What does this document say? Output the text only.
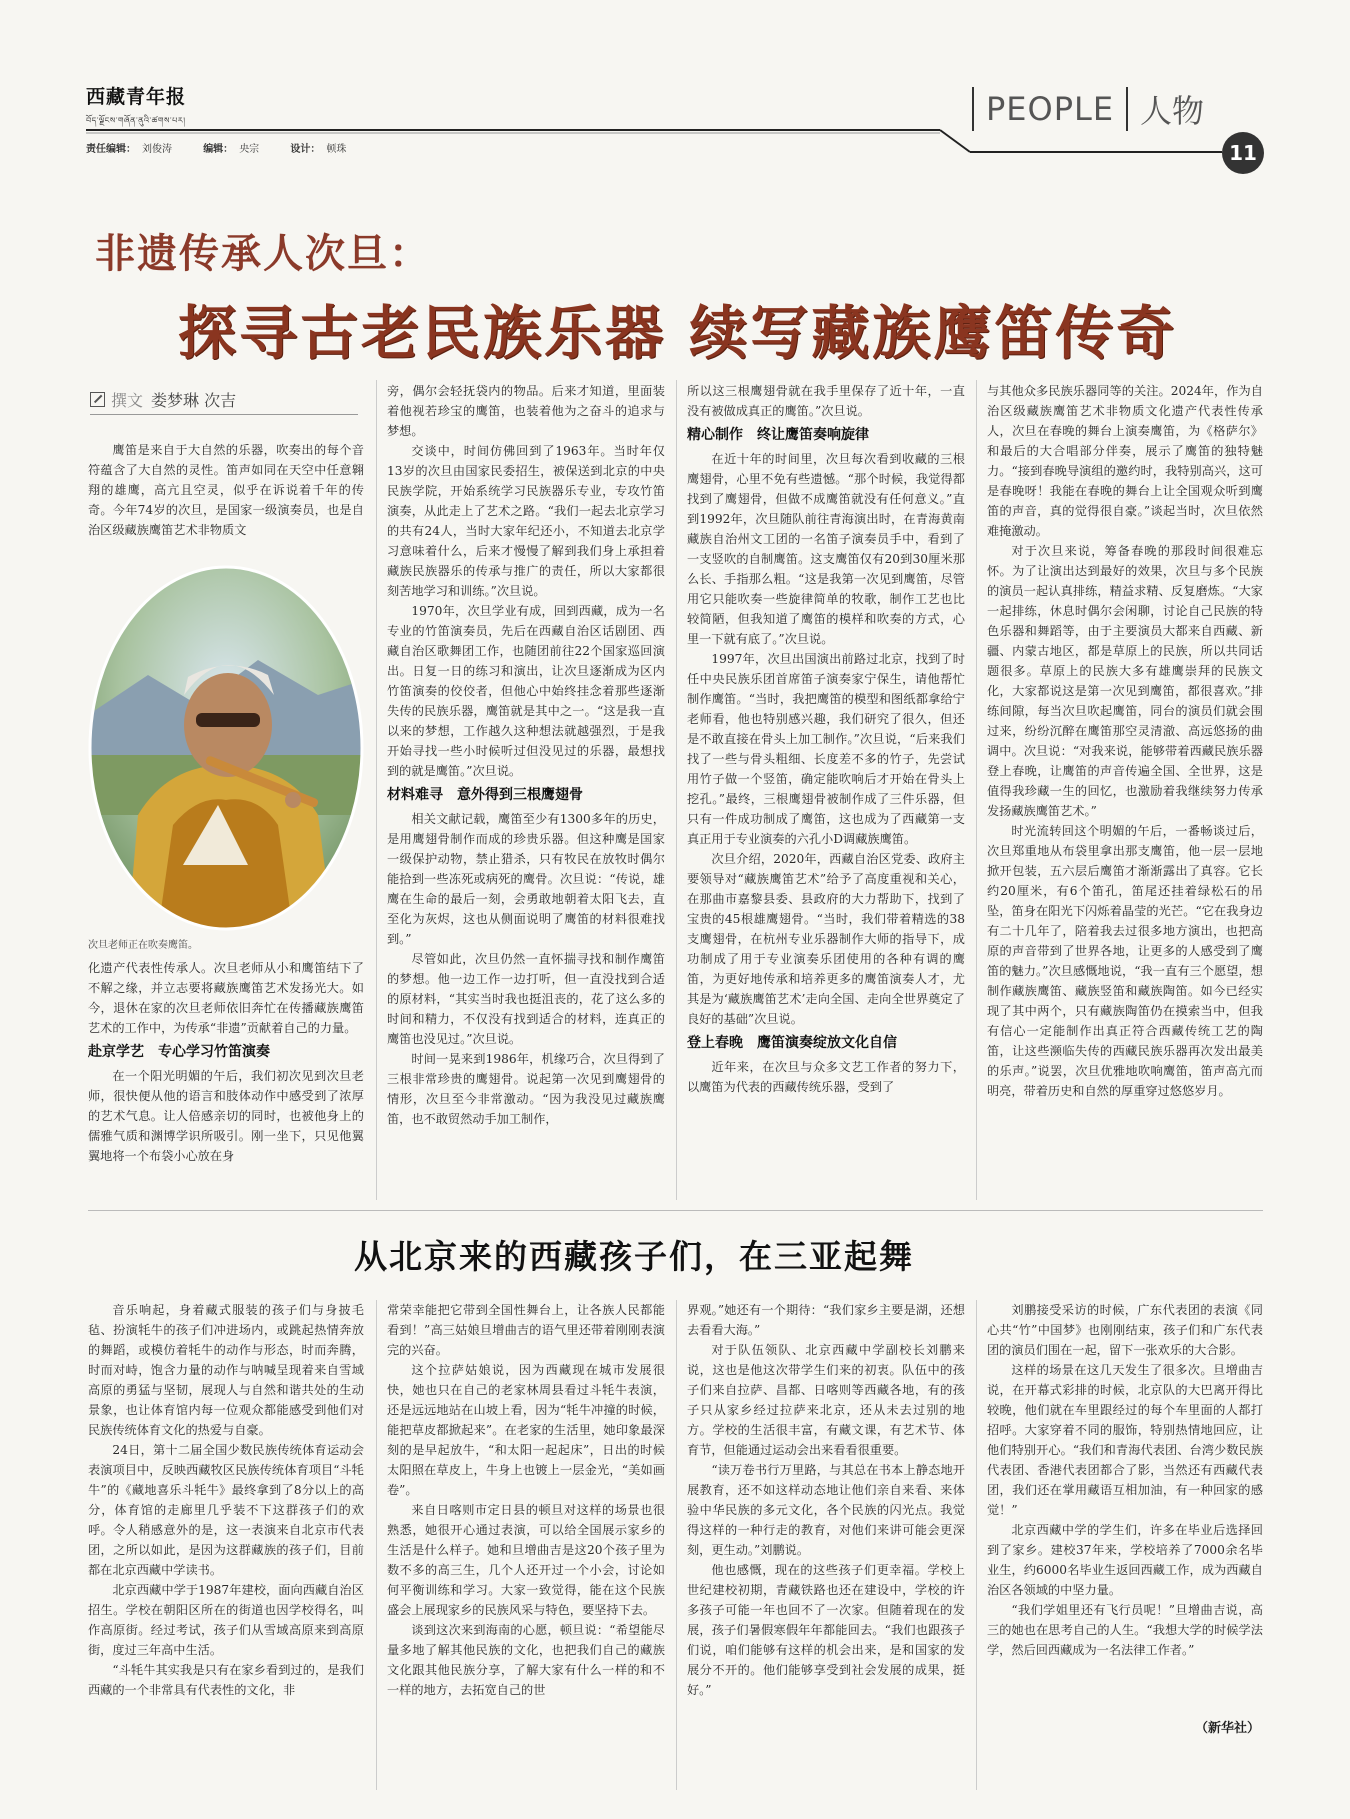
西藏青年报
བོད་ལྗོངས་གཞོན་ནུའི་ཚགས་པར།	PEOPLE 人物
责任编辑： 刘俊涛	编辑： 央宗	设计： 顿珠	11
非遗传承人次旦：
探寻古老民族乐器 续写藏族鹰笛传奇
撰文 娄梦琳 次吉

鹰笛是来自于大自然的乐器，吹奏出的每个音符蕴含了大自然的灵性。笛声如同在天空中任意翱翔的雄鹰，高亢且空灵，似乎在诉说着千年的传奇。今年74岁的次旦，是国家一级演奏员，也是自治区级藏族鹰笛艺术非物质文

次旦老师正在吹奏鹰笛。

化遗产代表性传承人。次旦老师从小和鹰笛结下了不解之缘，并立志要将藏族鹰笛艺术发扬光大。如今，退休在家的次旦老师依旧奔忙在传播藏族鹰笛艺术的工作中，为传承“非遗”贡献着自己的力量。

赴京学艺　专心学习竹笛演奏

在一个阳光明媚的午后，我们初次见到次旦老师，很快便从他的语言和肢体动作中感受到了浓厚的艺术气息。让人倍感亲切的同时，也被他身上的儒雅气质和渊博学识所吸引。刚一坐下，只见他翼翼地将一个布袋小心放在身

旁，偶尔会轻抚袋内的物品。后来才知道，里面装着他视若珍宝的鹰笛，也装着他为之奋斗的追求与梦想。

交谈中，时间仿佛回到了1963年。当时年仅13岁的次旦由国家民委招生，被保送到北京的中央民族学院，开始系统学习民族器乐专业，专攻竹笛演奏，从此走上了艺术之路。“我们一起去北京学习的共有24人，当时大家年纪还小，不知道去北京学习意味着什么，后来才慢慢了解到我们身上承担着藏族民族器乐的传承与推广的责任，所以大家都很刻苦地学习和训练。”次旦说。

1970年，次旦学业有成，回到西藏，成为一名专业的竹笛演奏员，先后在西藏自治区话剧团、西藏自治区歌舞团工作，也随团前往22个国家巡回演出。日复一日的练习和演出，让次旦逐渐成为区内竹笛演奏的佼佼者，但他心中始终挂念着那些逐渐失传的民族乐器，鹰笛就是其中之一。“这是我一直以来的梦想，工作越久这种想法就越强烈，于是我开始寻找一些小时候听过但没见过的乐器，最想找到的就是鹰笛。”次旦说。

材料难寻　意外得到三根鹰翅骨

相关文献记载，鹰笛至少有1300多年的历史，是用鹰翅骨制作而成的珍贵乐器。但这种鹰是国家一级保护动物，禁止猎杀，只有牧民在放牧时偶尔能拾到一些冻死或病死的鹰骨。次旦说：“传说，雄鹰在生命的最后一刻，会勇敢地朝着太阳飞去，直至化为灰烬，这也从侧面说明了鹰笛的材料很难找到。”

尽管如此，次旦仍然一直怀揣寻找和制作鹰笛的梦想。他一边工作一边打听，但一直没找到合适的原材料，“其实当时我也挺沮丧的，花了这么多的时间和精力，不仅没有找到适合的材料，连真正的鹰笛也没见过。”次旦说。

时间一晃来到1986年，机缘巧合，次旦得到了三根非常珍贵的鹰翅骨。说起第一次见到鹰翅骨的情形，次旦至今非常激动。“因为我没见过藏族鹰笛，也不敢贸然动手加工制作，

所以这三根鹰翅骨就在我手里保存了近十年，一直没有被做成真正的鹰笛。”次旦说。

精心制作　终让鹰笛奏响旋律

在近十年的时间里，次旦每次看到收藏的三根鹰翅骨，心里不免有些遗憾。“那个时候，我觉得都找到了鹰翅骨，但做不成鹰笛就没有任何意义。”直到1992年，次旦随队前往青海演出时，在青海黄南藏族自治州文工团的一名笛子演奏员手中，看到了一支竖吹的自制鹰笛。这支鹰笛仅有20到30厘米那么长、手指那么粗。“这是我第一次见到鹰笛，尽管用它只能吹奏一些旋律简单的牧歌，制作工艺也比较简陋，但我知道了鹰笛的模样和吹奏的方式，心里一下就有底了。”次旦说。

1997年，次旦出国演出前路过北京，找到了时任中央民族乐团首席笛子演奏家宁保生，请他帮忙制作鹰笛。“当时，我把鹰笛的模型和图纸都拿给宁老师看，他也特别感兴趣，我们研究了很久，但还是不敢直接在骨头上加工制作。”次旦说，“后来我们找了一些与骨头粗细、长度差不多的竹子，先尝试用竹子做一个竖笛，确定能吹响后才开始在骨头上挖孔。”最终，三根鹰翅骨被制作成了三件乐器，但只有一件成功制成了鹰笛，这也成为了西藏第一支真正用于专业演奏的六孔小D调藏族鹰笛。

次旦介绍，2020年，西藏自治区党委、政府主要领导对“藏族鹰笛艺术”给予了高度重视和关心，在那曲市嘉黎县委、县政府的大力帮助下，找到了宝贵的45根雄鹰翅骨。“当时，我们带着精选的38支鹰翅骨，在杭州专业乐器制作大师的指导下，成功制成了用于专业演奏乐团使用的各种有调的鹰笛，为更好地传承和培养更多的鹰笛演奏人才，尤其是为‘藏族鹰笛艺术’走向全国、走向全世界奠定了良好的基础”次旦说。

登上春晚　鹰笛演奏绽放文化自信

近年来，在次旦与众多文艺工作者的努力下，以鹰笛为代表的西藏传统乐器，受到了

与其他众多民族乐器同等的关注。2024年，作为自治区级藏族鹰笛艺术非物质文化遗产代表性传承人，次旦在春晚的舞台上演奏鹰笛，为《格萨尔》和最后的大合唱部分伴奏，展示了鹰笛的独特魅力。“接到春晚导演组的邀约时，我特别高兴，这可是春晚呀！我能在春晚的舞台上让全国观众听到鹰笛的声音，真的觉得很自豪。”谈起当时，次旦依然难掩激动。

对于次旦来说，筹备春晚的那段时间很难忘怀。为了让演出达到最好的效果，次旦与多个民族的演员一起认真排练，精益求精、反复磨炼。“大家一起排练，休息时偶尔会闲聊，讨论自己民族的特色乐器和舞蹈等，由于主要演员大都来自西藏、新疆、内蒙古地区，都是草原上的民族，所以共同话题很多。草原上的民族大多有雄鹰崇拜的民族文化，大家都说这是第一次见到鹰笛，都很喜欢。”排练间隙，每当次旦吹起鹰笛，同台的演员们就会围过来，纷纷沉醉在鹰笛那空灵清澈、高远悠扬的曲调中。次旦说：“对我来说，能够带着西藏民族乐器登上春晚，让鹰笛的声音传遍全国、全世界，这是值得我珍藏一生的回忆，也激励着我继续努力传承发扬藏族鹰笛艺术。”

时光流转回这个明媚的午后，一番畅谈过后，次旦郑重地从布袋里拿出那支鹰笛，他一层一层地掀开包装，五六层后鹰笛才渐渐露出了真容。它长约20厘米，有6个笛孔，笛尾还挂着绿松石的吊坠，笛身在阳光下闪烁着晶莹的光芒。“它在我身边有二十几年了，陪着我去过很多地方演出，也把高原的声音带到了世界各地，让更多的人感受到了鹰笛的魅力。”次旦感慨地说，“我一直有三个愿望，想制作藏族鹰笛、藏族竖笛和藏族陶笛。如今已经实现了其中两个，只有藏族陶笛仍在摸索当中，但我有信心一定能制作出真正符合西藏传统工艺的陶笛，让这些濒临失传的西藏民族乐器再次发出最美的乐声。”说罢，次旦优雅地吹响鹰笛，笛声高亢而明亮，带着历史和自然的厚重穿过悠悠岁月。

从北京来的西藏孩子们，在三亚起舞

音乐响起，身着藏式服装的孩子们与身披毛毡、扮演牦牛的孩子们冲进场内，或跳起热情奔放的舞蹈，或模仿着牦牛的动作与形态，时而奔腾，时而对峙，饱含力量的动作与呐喊呈现着来自雪域高原的勇猛与坚韧，展现人与自然和谐共处的生动景象，也让体育馆内每一位观众都能感受到他们对民族传统体育文化的热爱与自豪。

24日，第十二届全国少数民族传统体育运动会表演项目中，反映西藏牧区民族传统体育项目“斗牦牛”的《藏地喜乐斗牦牛》最终拿到了8分以上的高分，体育馆的走廊里几乎装不下这群孩子们的欢呼。令人稍感意外的是，这一表演来自北京市代表团，之所以如此，是因为这群藏族的孩子们，目前都在北京西藏中学读书。

北京西藏中学于1987年建校，面向西藏自治区招生。学校在朝阳区所在的街道也因学校得名，叫作高原街。经过考试，孩子们从雪域高原来到高原街，度过三年高中生活。

“斗牦牛其实我是只有在家乡看到过的，是我们西藏的一个非常具有代表性的文化，非

常荣幸能把它带到全国性舞台上，让各族人民都能看到！”高三姑娘旦增曲吉的语气里还带着刚刚表演完的兴奋。

这个拉萨姑娘说，因为西藏现在城市发展很快，她也只在自己的老家林周县看过斗牦牛表演，还是远远地站在山坡上看，因为“牦牛冲撞的时候，能把草皮都掀起来”。在老家的生活里，她印象最深刻的是早起放牛，“和太阳一起起床”，日出的时候太阳照在草皮上，牛身上也镀上一层金光，“美如画卷”。

来自日喀则市定日县的顿旦对这样的场景也很熟悉，她很开心通过表演，可以给全国展示家乡的生活是什么样子。她和旦增曲吉是这20个孩子里为数不多的高三生，几个人还开过一个小会，讨论如何平衡训练和学习。大家一致觉得，能在这个民族盛会上展现家乡的民族风采与特色，要坚持下去。

谈到这次来到海南的心愿，顿旦说：“希望能尽量多地了解其他民族的文化，也把我们自己的藏族文化跟其他民族分享，了解大家有什么一样的和不一样的地方，去拓宽自己的世

界观。”她还有一个期待：“我们家乡主要是湖，还想去看看大海。”

对于队伍领队、北京西藏中学副校长刘鹏来说，这也是他这次带学生们来的初衷。队伍中的孩子们来自拉萨、昌都、日喀则等西藏各地，有的孩子只从家乡经过拉萨来北京，还从未去过别的地方。学校的生活很丰富，有藏文课，有艺术节、体育节，但能通过运动会出来看看很重要。

“读万卷书行万里路，与其总在书本上静态地开展教育，还不如这样动态地让他们亲自来看、来体验中华民族的多元文化，各个民族的闪光点。我觉得这样的一种行走的教育，对他们来讲可能会更深刻，更生动。”刘鹏说。

他也感慨，现在的这些孩子们更幸福。学校上世纪建校初期，青藏铁路也还在建设中，学校的许多孩子可能一年也回不了一次家。但随着现在的发展，孩子们暑假寒假年年都能回去。“我们也跟孩子们说，咱们能够有这样的机会出来，是和国家的发展分不开的。他们能够享受到社会发展的成果，挺好。”

刘鹏接受采访的时候，广东代表团的表演《同心共“竹”中国梦》也刚刚结束，孩子们和广东代表团的演员们围在一起，留下一张欢乐的大合影。

这样的场景在这几天发生了很多次。旦增曲吉说，在开幕式彩排的时候，北京队的大巴离开得比较晚，他们就在车里跟经过的每个车里面的人都打招呼。大家穿着不同的服饰，特别热情地回应，让他们特别开心。“我们和青海代表团、台湾少数民族代表团、香港代表团都合了影，当然还有西藏代表团，我们还在掌用藏语互相加油，有一种回家的感觉！”

北京西藏中学的学生们，许多在毕业后选择回到了家乡。建校37年来，学校培养了7000余名毕业生，约6000名毕业生返回西藏工作，成为西藏自治区各领域的中坚力量。

“我们学姐里还有飞行员呢！”旦增曲吉说，高三的她也在思考自己的人生。“我想大学的时候学法学，然后回西藏成为一名法律工作者。”

（新华社）
